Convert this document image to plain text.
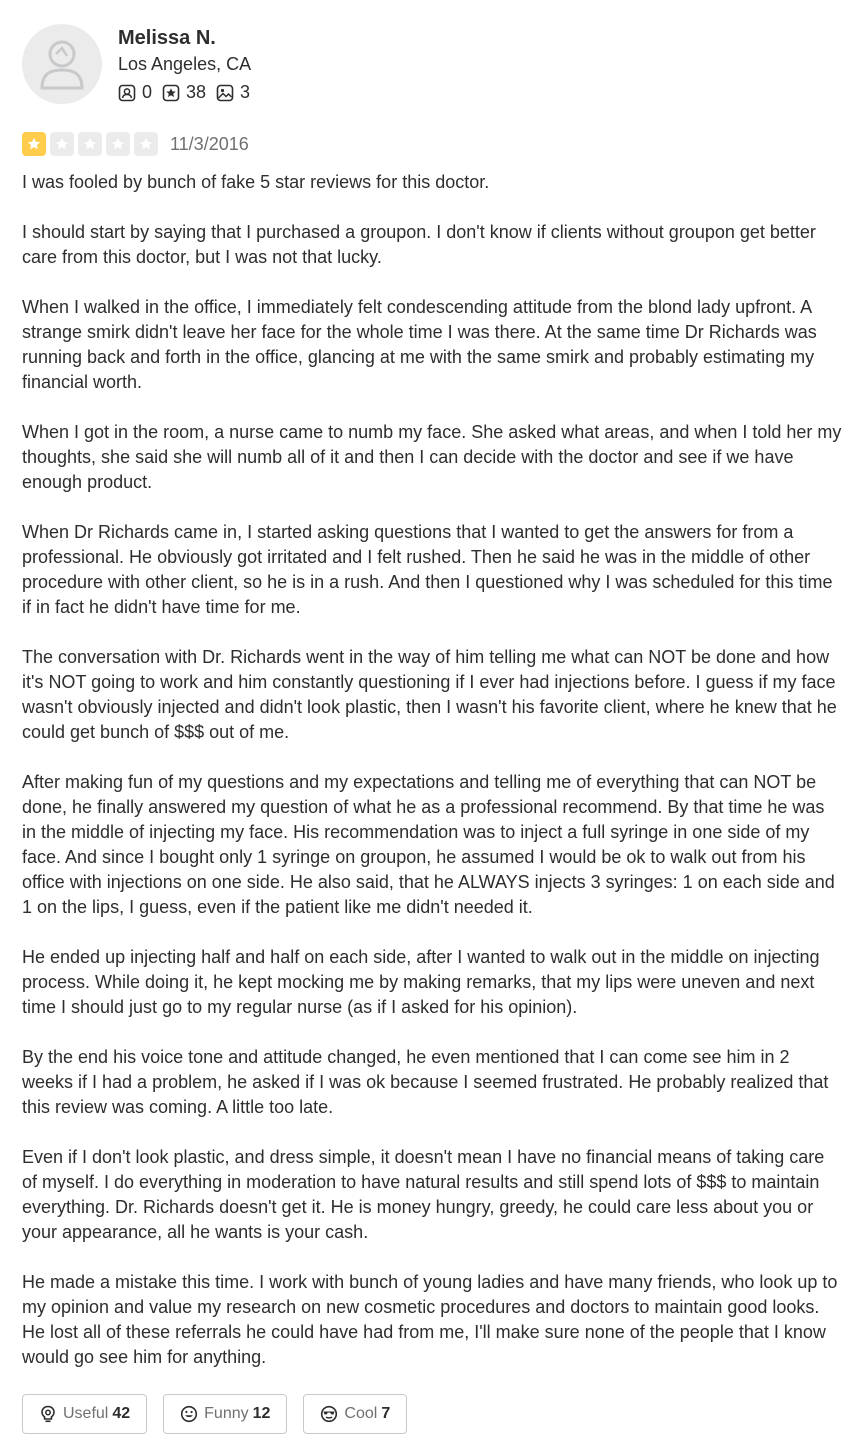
Melissa N.
Los Angeles, CA
0 38 3
11/3/2016

I was fooled by bunch of fake 5 star reviews for this doctor.

I should start by saying that I purchased a groupon. I don't know if clients without groupon get better care from this doctor, but I was not that lucky.

When I walked in the office, I immediately felt condescending attitude from the blond lady upfront. A strange smirk didn't leave her face for the whole time I was there. At the same time Dr Richards was running back and forth in the office, glancing at me with the same smirk and probably estimating my financial worth.

When I got in the room, a nurse came to numb my face. She asked what areas, and when I told her my thoughts, she said she will numb all of it and then I can decide with the doctor and see if we have enough product.

When Dr Richards came in, I started asking questions that I wanted to get the answers for from a professional. He obviously got irritated and I felt rushed. Then he said he was in the middle of other procedure with other client, so he is in a rush. And then I questioned why I was scheduled for this time if in fact he didn't have time for me.

The conversation with Dr. Richards went in the way of him telling me what can NOT be done and how it's NOT going to work and him constantly questioning if I ever had injections before. I guess if my face wasn't obviously injected and didn't look plastic, then I wasn't his favorite client, where he knew that he could get bunch of $$$ out of me.

After making fun of my questions and my expectations and telling me of everything that can NOT be done, he finally answered my question of what he as a professional recommend. By that time he was in the middle of injecting my face. His recommendation was to inject a full syringe in one side of my face. And since I bought only 1 syringe on groupon, he assumed I would be ok to walk out from his office with injections on one side. He also said, that he ALWAYS injects 3 syringes: 1 on each side and 1 on the lips, I guess, even if the patient like me didn't needed it.

He ended up injecting half and half on each side, after I wanted to walk out in the middle on injecting process. While doing it, he kept mocking me by making remarks, that my lips were uneven and next time I should just go to my regular nurse (as if I asked for his opinion).

By the end his voice tone and attitude changed, he even mentioned that I can come see him in 2 weeks if I had a problem, he asked if I was ok because I seemed frustrated. He probably realized that this review was coming. A little too late.

Even if I don't look plastic, and dress simple, it doesn't mean I have no financial means of taking care of myself. I do everything in moderation to have natural results and still spend lots of $$$ to maintain everything. Dr. Richards doesn't get it. He is money hungry, greedy, he could care less about you or your appearance, all he wants is your cash.

He made a mistake this time. I work with bunch of young ladies and have many friends, who look up to my opinion and value my research on new cosmetic procedures and doctors to maintain good looks. He lost all of these referrals he could have had from me, I'll make sure none of the people that I know would go see him for anything.

Useful 42	Funny 12	Cool 7
